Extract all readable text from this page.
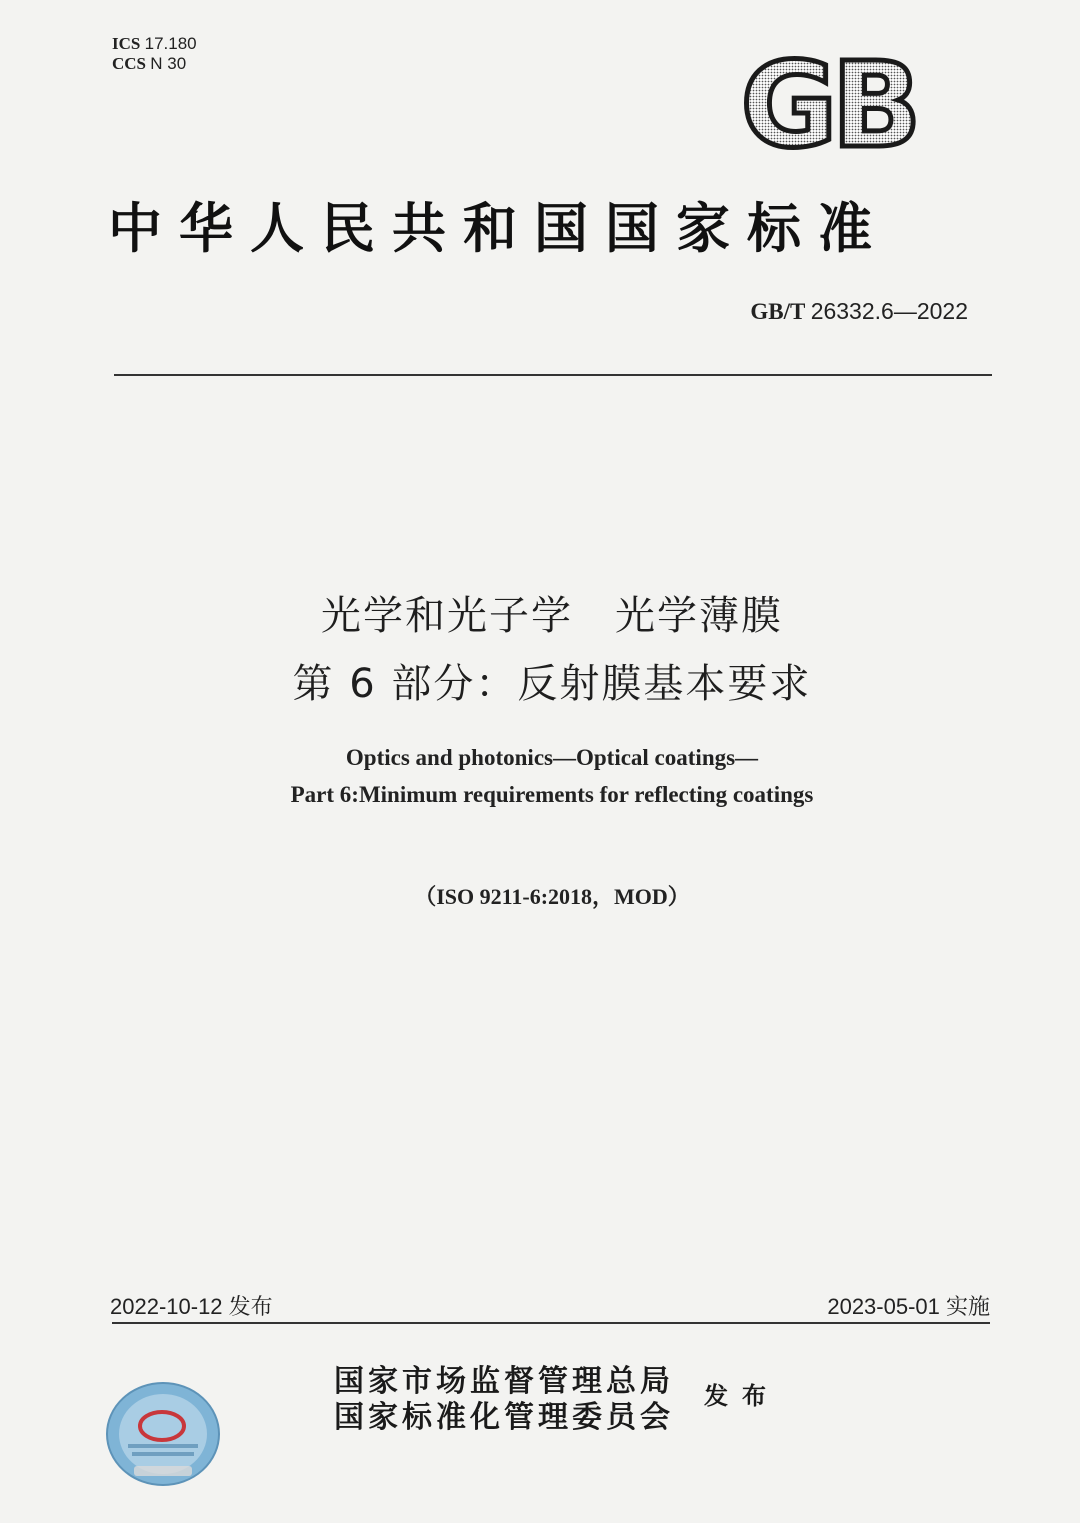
ICS 17.180
CCS N 30	GB
中华人民共和国国家标准
GB/T 26332.6—2022
光学和光子学　光学薄膜
第 6 部分：反射膜基本要求
Optics and photonics—Optical coatings—
Part 6:Minimum requirements for reflecting coatings
（ISO 9211-6:2018，MOD）
2022-10-12 发布	2023-05-01 实施
国家市场监督管理总局
国家标准化管理委员会
发布
